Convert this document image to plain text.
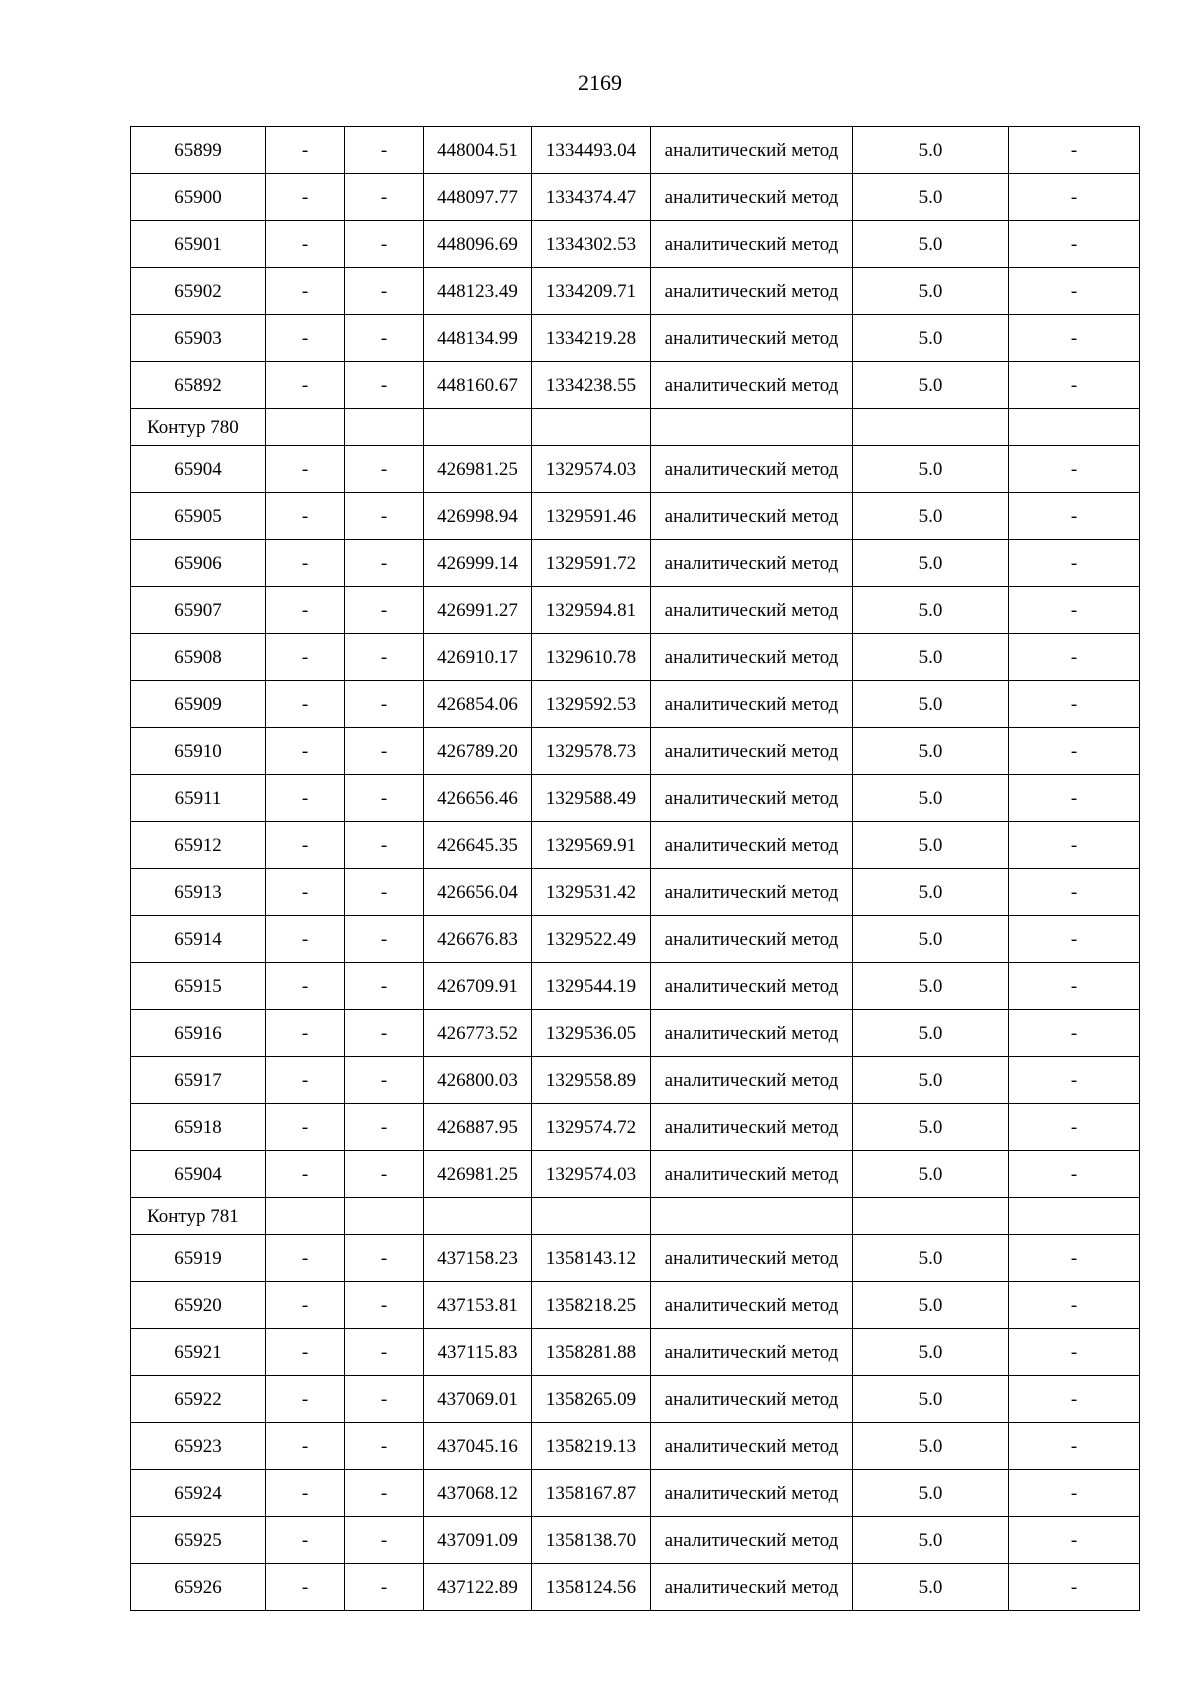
2169
65899	-	-	448004.51	1334493.04	аналитический метод	5.0	-
65900	-	-	448097.77	1334374.47	аналитический метод	5.0	-
65901	-	-	448096.69	1334302.53	аналитический метод	5.0	-
65902	-	-	448123.49	1334209.71	аналитический метод	5.0	-
65903	-	-	448134.99	1334219.28	аналитический метод	5.0	-
65892	-	-	448160.67	1334238.55	аналитический метод	5.0	-
Контур 780							
65904	-	-	426981.25	1329574.03	аналитический метод	5.0	-
65905	-	-	426998.94	1329591.46	аналитический метод	5.0	-
65906	-	-	426999.14	1329591.72	аналитический метод	5.0	-
65907	-	-	426991.27	1329594.81	аналитический метод	5.0	-
65908	-	-	426910.17	1329610.78	аналитический метод	5.0	-
65909	-	-	426854.06	1329592.53	аналитический метод	5.0	-
65910	-	-	426789.20	1329578.73	аналитический метод	5.0	-
65911	-	-	426656.46	1329588.49	аналитический метод	5.0	-
65912	-	-	426645.35	1329569.91	аналитический метод	5.0	-
65913	-	-	426656.04	1329531.42	аналитический метод	5.0	-
65914	-	-	426676.83	1329522.49	аналитический метод	5.0	-
65915	-	-	426709.91	1329544.19	аналитический метод	5.0	-
65916	-	-	426773.52	1329536.05	аналитический метод	5.0	-
65917	-	-	426800.03	1329558.89	аналитический метод	5.0	-
65918	-	-	426887.95	1329574.72	аналитический метод	5.0	-
65904	-	-	426981.25	1329574.03	аналитический метод	5.0	-
Контур 781							
65919	-	-	437158.23	1358143.12	аналитический метод	5.0	-
65920	-	-	437153.81	1358218.25	аналитический метод	5.0	-
65921	-	-	437115.83	1358281.88	аналитический метод	5.0	-
65922	-	-	437069.01	1358265.09	аналитический метод	5.0	-
65923	-	-	437045.16	1358219.13	аналитический метод	5.0	-
65924	-	-	437068.12	1358167.87	аналитический метод	5.0	-
65925	-	-	437091.09	1358138.70	аналитический метод	5.0	-
65926	-	-	437122.89	1358124.56	аналитический метод	5.0	-
